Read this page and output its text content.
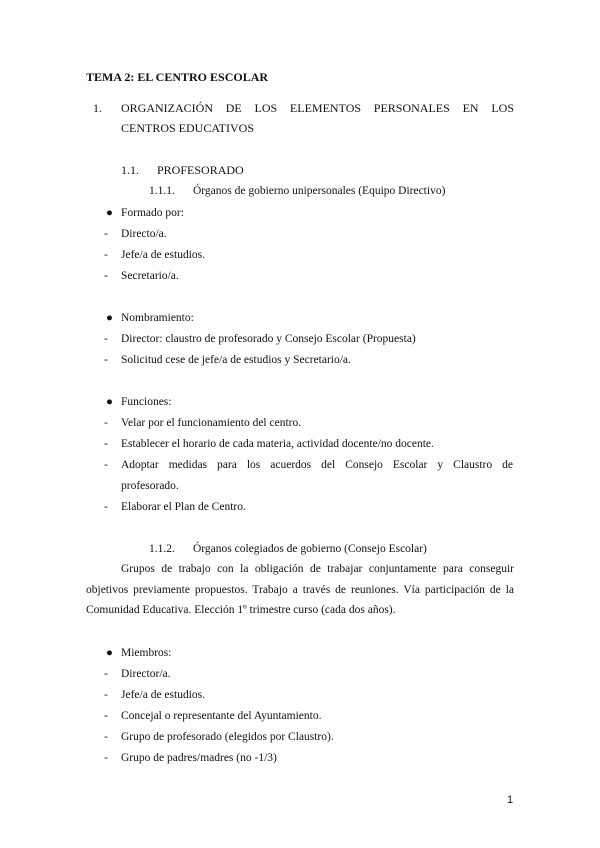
TEMA 2: EL CENTRO ESCOLAR
1. ORGANIZACIÓN DE LOS ELEMENTOS PERSONALES EN LOS
CENTROS EDUCATIVOS
1.1. PROFESORADO
1.1.1. Órganos de gobierno unipersonales (Equipo Directivo)
● Formado por:
- Directo/a.
- Jefe/a de estudios.
- Secretario/a.
● Nombramiento:
- Director: claustro de profesorado y Consejo Escolar (Propuesta)
- Solicitud cese de jefe/a de estudios y Secretario/a.
● Funciones:
- Velar por el funcionamiento del centro.
- Establecer el horario de cada materia, actividad docente/no docente.
- Adoptar medidas para los acuerdos del Consejo Escolar y Claustro de
profesorado.
- Elaborar el Plan de Centro.
1.1.2. Órganos colegiados de gobierno (Consejo Escolar)
Grupos de trabajo con la obligación de trabajar conjuntamente para conseguir
objetivos previamente propuestos. Trabajo a través de reuniones. Vía participación de la
Comunidad Educativa. Elección 1º trimestre curso (cada dos años).
● Miembros:
- Director/a.
- Jefe/a de estudios.
- Concejal o representante del Ayuntamiento.
- Grupo de profesorado (elegidos por Claustro).
- Grupo de padres/madres (no -1/3)
1
